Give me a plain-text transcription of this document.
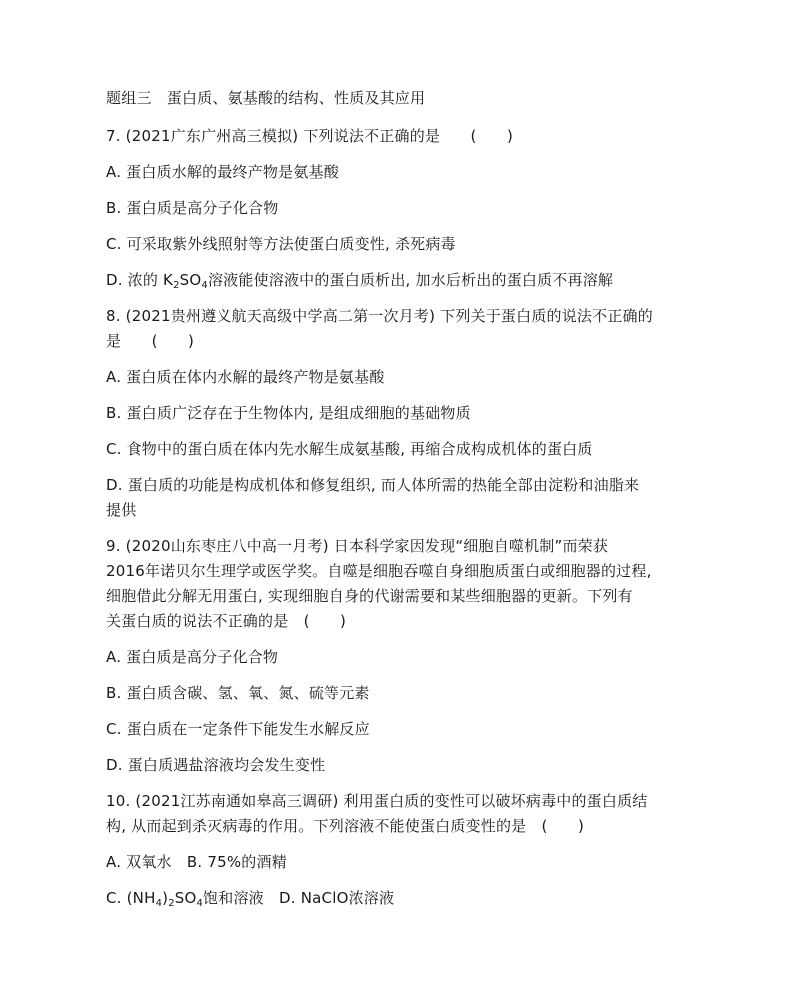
题组三　蛋白质、氨基酸的结构、性质及其应用
7. (2021广东广州高三模拟) 下列说法不正确的是　　(　　)
A. 蛋白质水解的最终产物是氨基酸
B. 蛋白质是高分子化合物
C. 可采取紫外线照射等方法使蛋白质变性, 杀死病毒
D. 浓的 $K_2SO_4$溶液能使溶液中的蛋白质析出, 加水后析出的蛋白质不再溶解
8. (2021贵州遵义航天高级中学高二第一次月考) 下列关于蛋白质的说法不正确的
是　　(　　)
A. 蛋白质在体内水解的最终产物是氨基酸
B. 蛋白质广泛存在于生物体内, 是组成细胞的基础物质
C. 食物中的蛋白质在体内先水解生成氨基酸, 再缩合成构成机体的蛋白质
D. 蛋白质的功能是构成机体和修复组织, 而人体所需的热能全部由淀粉和油脂来
提供
9. (2020山东枣庄八中高一月考) 日本科学家因发现“细胞自噬机制”而荣获
2016年诺贝尔生理学或医学奖。自噬是细胞吞噬自身细胞质蛋白或细胞器的过程,
细胞借此分解无用蛋白, 实现细胞自身的代谢需要和某些细胞器的更新。下列有
关蛋白质的说法不正确的是　(　　)
A. 蛋白质是高分子化合物
B. 蛋白质含碳、氢、氧、氮、硫等元素
C. 蛋白质在一定条件下能发生水解反应
D. 蛋白质遇盐溶液均会发生变性
10. (2021江苏南通如皋高三调研) 利用蛋白质的变性可以破坏病毒中的蛋白质结
构, 从而起到杀灭病毒的作用。下列溶液不能使蛋白质变性的是　(　　)
A. 双氧水　B. 75%的酒精
C. $(NH_4)_2SO_4$饱和溶液　D. NaClO浓溶液
